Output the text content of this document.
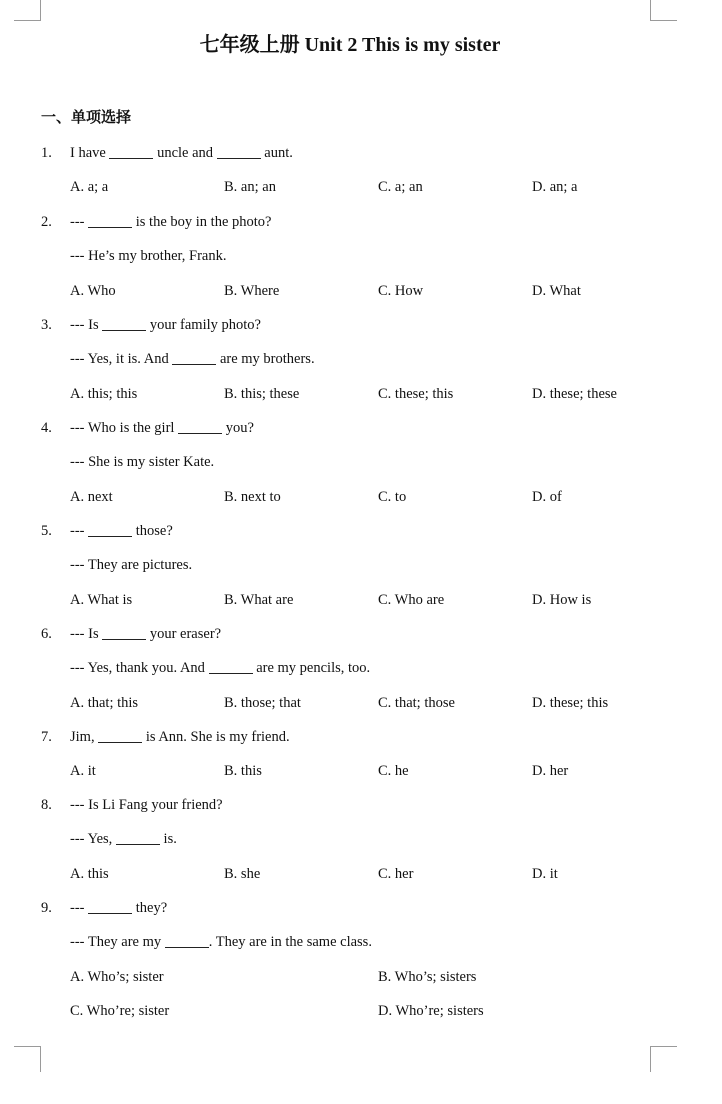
七年级上册 Unit 2 This is my sister
一、单项选择
1. I have	uncle and	aunt.
A. a; a	B. an; an	C. a; an	D. an; a
2. ---	is the boy in the photo?
--- He’s my brother, Frank.
A. Who	B. Where	C. How	D. What
3. --- Is	your family photo?
--- Yes, it is. And	are my brothers.
A. this; this	B. this; these	C. these; this	D. these; these
4. --- Who is the girl	you?
--- She is my sister Kate.
A. next	B. next to	C. to	D. of
5. ---	those?
--- They are pictures.
A. What is	B. What are	C. Who are	D. How is
6. --- Is	your eraser?
--- Yes, thank you. And	are my pencils, too.
A. that; this	B. those; that	C. that; those	D. these; this
7. Jim,	is Ann. She is my friend.
A. it	B. this	C. he	D. her
8. --- Is Li Fang your friend?
--- Yes,	is.
A. this	B. she	C. her	D. it
9. ---	they?
--- They are my	. They are in the same class.
A. Who’s; sister	B. Who’s; sisters
C. Who’re; sister	D. Who’re; sisters
